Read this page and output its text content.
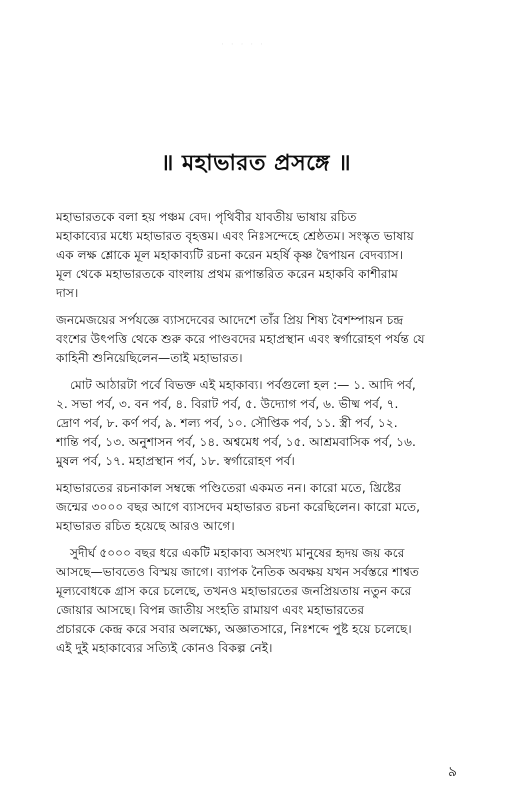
· · · · ·
॥ মহাভারত প্রসঙ্গে ॥
মহাভারতকে বলা হয় পঞ্চম বেদ। পৃথিবীর যাবতীয় ভাষায় রচিত
মহাকাব্যের মধ্যে মহাভারত বৃহত্তম। এবং নিঃসন্দেহে শ্রেষ্ঠতম। সংস্কৃত ভাষায়
এক লক্ষ শ্লোকে মূল মহাকাব্যটি রচনা করেন মহর্ষি কৃষ্ণ দ্বৈপায়ন বেদব্যাস।
মূল থেকে মহাভারতকে বাংলায় প্রথম রূপান্তরিত করেন মহাকবি কাশীরাম
দাস।
জনমেজয়ের সর্পযজ্ঞে ব্যাসদেবের আদেশে তাঁর প্রিয় শিষ্য বৈশম্পায়ন চন্দ্র
বংশের উৎপত্তি থেকে শুরু করে পাণ্ডবদের মহাপ্রস্থান এবং স্বর্গারোহণ পর্যন্ত যে
কাহিনী শুনিয়েছিলেন—তাই মহাভারত।
মোট আঠারটা পর্বে বিভক্ত এই মহাকাব্য। পর্বগুলো হল :— ১. আদি পর্ব,
২. সভা পর্ব, ৩. বন পর্ব, ৪. বিরাট পর্ব, ৫. উদ্যোগ পর্ব, ৬. ভীষ্ম পর্ব, ৭.
দ্রোণ পর্ব, ৮. কর্ণ পর্ব, ৯. শল্য পর্ব, ১০. সৌপ্তিক পর্ব, ১১. স্ত্রী পর্ব, ১২.
শান্তি পর্ব, ১৩. অনুশাসন পর্ব, ১৪. অশ্বমেধ পর্ব, ১৫. আশ্রমবাসিক পর্ব, ১৬.
মুষল পর্ব, ১৭. মহাপ্রস্থান পর্ব, ১৮. স্বর্গারোহণ পর্ব।
মহাভারতের রচনাকাল সম্বন্ধে পণ্ডিতেরা একমত নন। কারো মতে, খ্রিষ্টের
জন্মের ৩০০০ বছর আগে ব্যাসদেব মহাভারত রচনা করেছিলেন। কারো মতে,
মহাভারত রচিত হয়েছে আরও আগে।
সুদীর্ঘ ৫০০০ বছর ধরে একটি মহাকাব্য অসংখ্য মানুষের হৃদয় জয় করে
আসছে—ভাবতেও বিস্ময় জাগে। ব্যাপক নৈতিক অবক্ষয় যখন সর্বস্তরে শাশ্বত
মূল্যবোধকে গ্রাস করে চলেছে, তখনও মহাভারতের জনপ্রিয়তায় নতুন করে
জোয়ার আসছে। বিপন্ন জাতীয় সংহতি রামায়ণ এবং মহাভারতের
প্রচারকে কেন্দ্র করে সবার অলক্ষ্যে, অজ্ঞাতসারে, নিঃশব্দে পুষ্ট হয়ে চলেছে।
এই দুই মহাকাব্যের সত্যিই কোনও বিকল্প নেই।
৯
